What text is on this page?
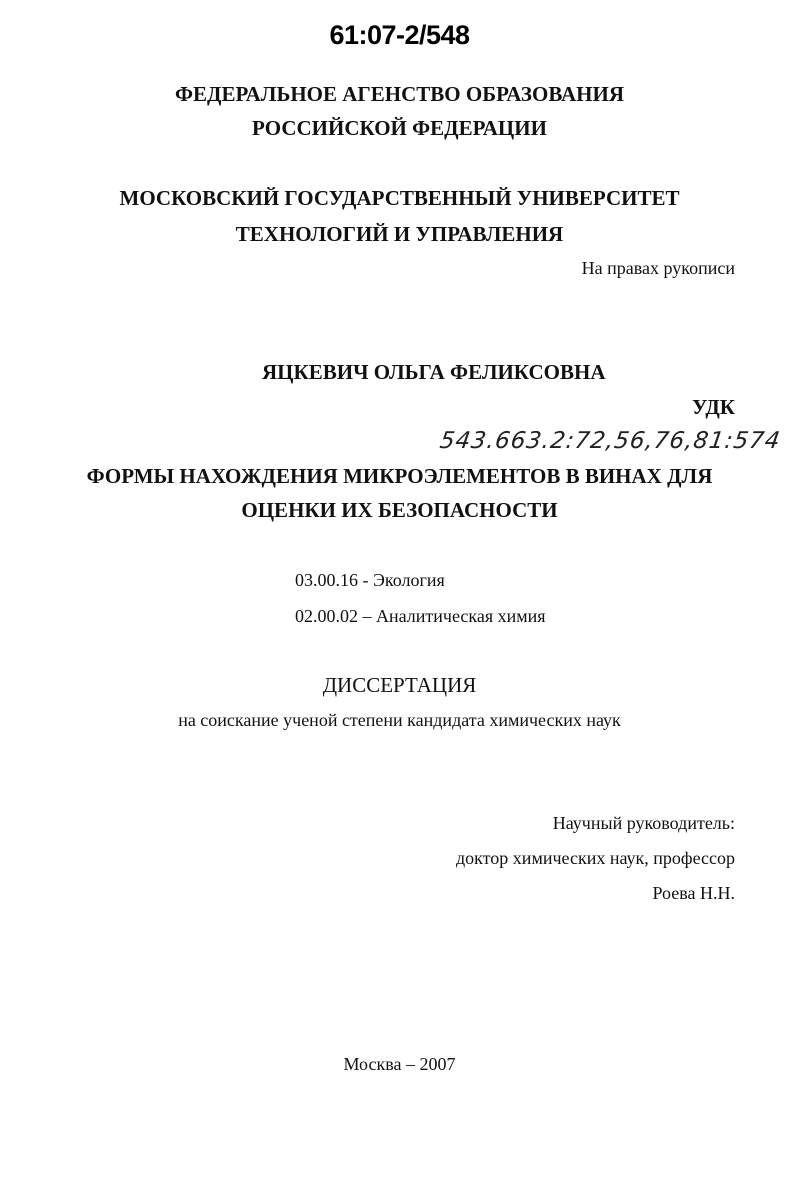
61:07-2/548
ФЕДЕРАЛЬНОЕ АГЕНСТВО ОБРАЗОВАНИЯ
РОССИЙСКОЙ ФЕДЕРАЦИИ
МОСКОВСКИЙ ГОСУДАРСТВЕННЫЙ УНИВЕРСИТЕТ
ТЕХНОЛОГИЙ И УПРАВЛЕНИЯ
На правах рукописи
ЯЦКЕВИЧ ОЛЬГА ФЕЛИКСОВНА
УДК
543.663.2:72,56,76,81:574
ФОРМЫ НАХОЖДЕНИЯ МИКРОЭЛЕМЕНТОВ В ВИНАХ ДЛЯ
ОЦЕНКИ ИХ БЕЗОПАСНОСТИ
03.00.16 - Экология
02.00.02 – Аналитическая химия
ДИССЕРТАЦИЯ
на соискание ученой степени кандидата химических наук
Научный руководитель:
доктор химических наук, профессор
Роева Н.Н.
Москва – 2007
